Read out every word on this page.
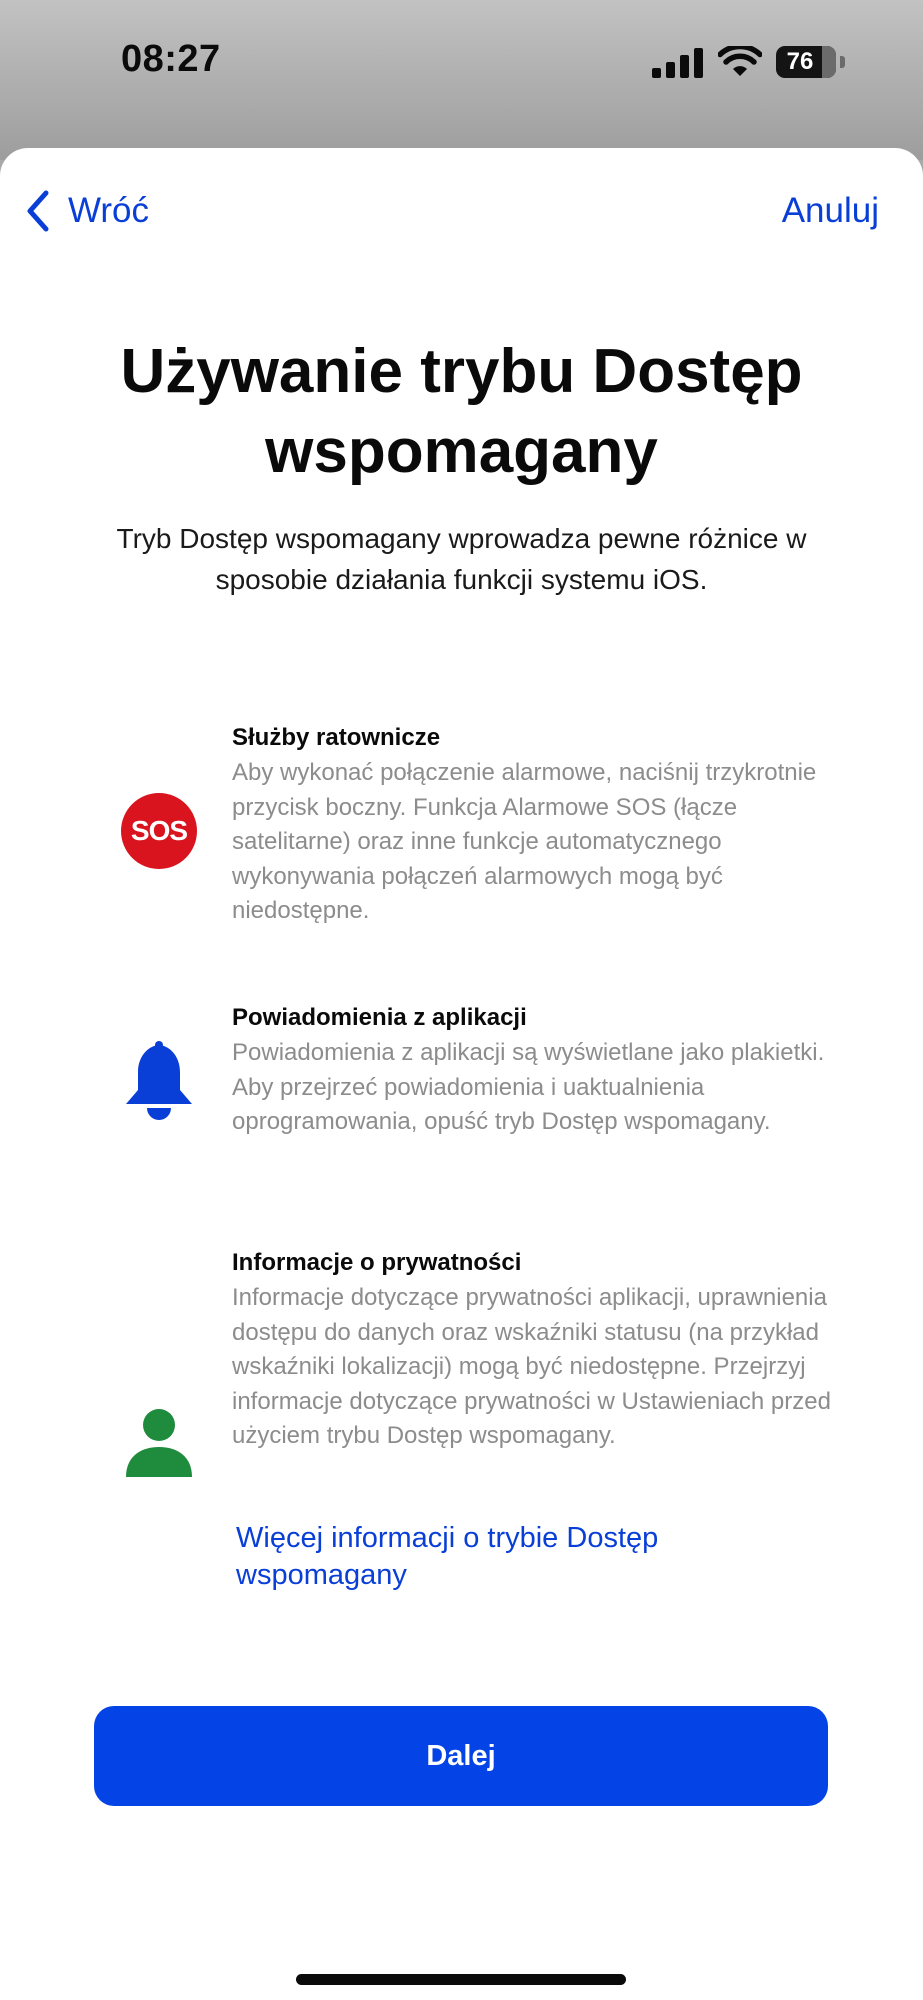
08:27	76
Wróć	Anuluj
Używanie trybu Dostęp wspomagany

Tryb Dostęp wspomagany wprowadza pewne różnice w sposobie działania funkcji systemu iOS.

SOS
Służby ratownicze
Aby wykonać połączenie alarmowe, naciśnij trzykrotnie przycisk boczny. Funkcja Alarmowe SOS (łącze satelitarne) oraz inne funkcje automatycznego wykonywania połączeń alarmowych mogą być niedostępne.
Powiadomienia z aplikacji
Powiadomienia z aplikacji są wyświetlane jako plakietki. Aby przejrzeć powiadomienia i uaktualnienia oprogramowania, opuść tryb Dostęp wspomagany.
Informacje o prywatności
Informacje dotyczące prywatności aplikacji, uprawnienia dostępu do danych oraz wskaźniki statusu (na przykład wskaźniki lokalizacji) mogą być niedostępne. Przejrzyj informacje dotyczące prywatności w Ustawieniach przed użyciem trybu Dostęp wspomagany.
Więcej informacji o trybie Dostęp wspomagany
Dalej
